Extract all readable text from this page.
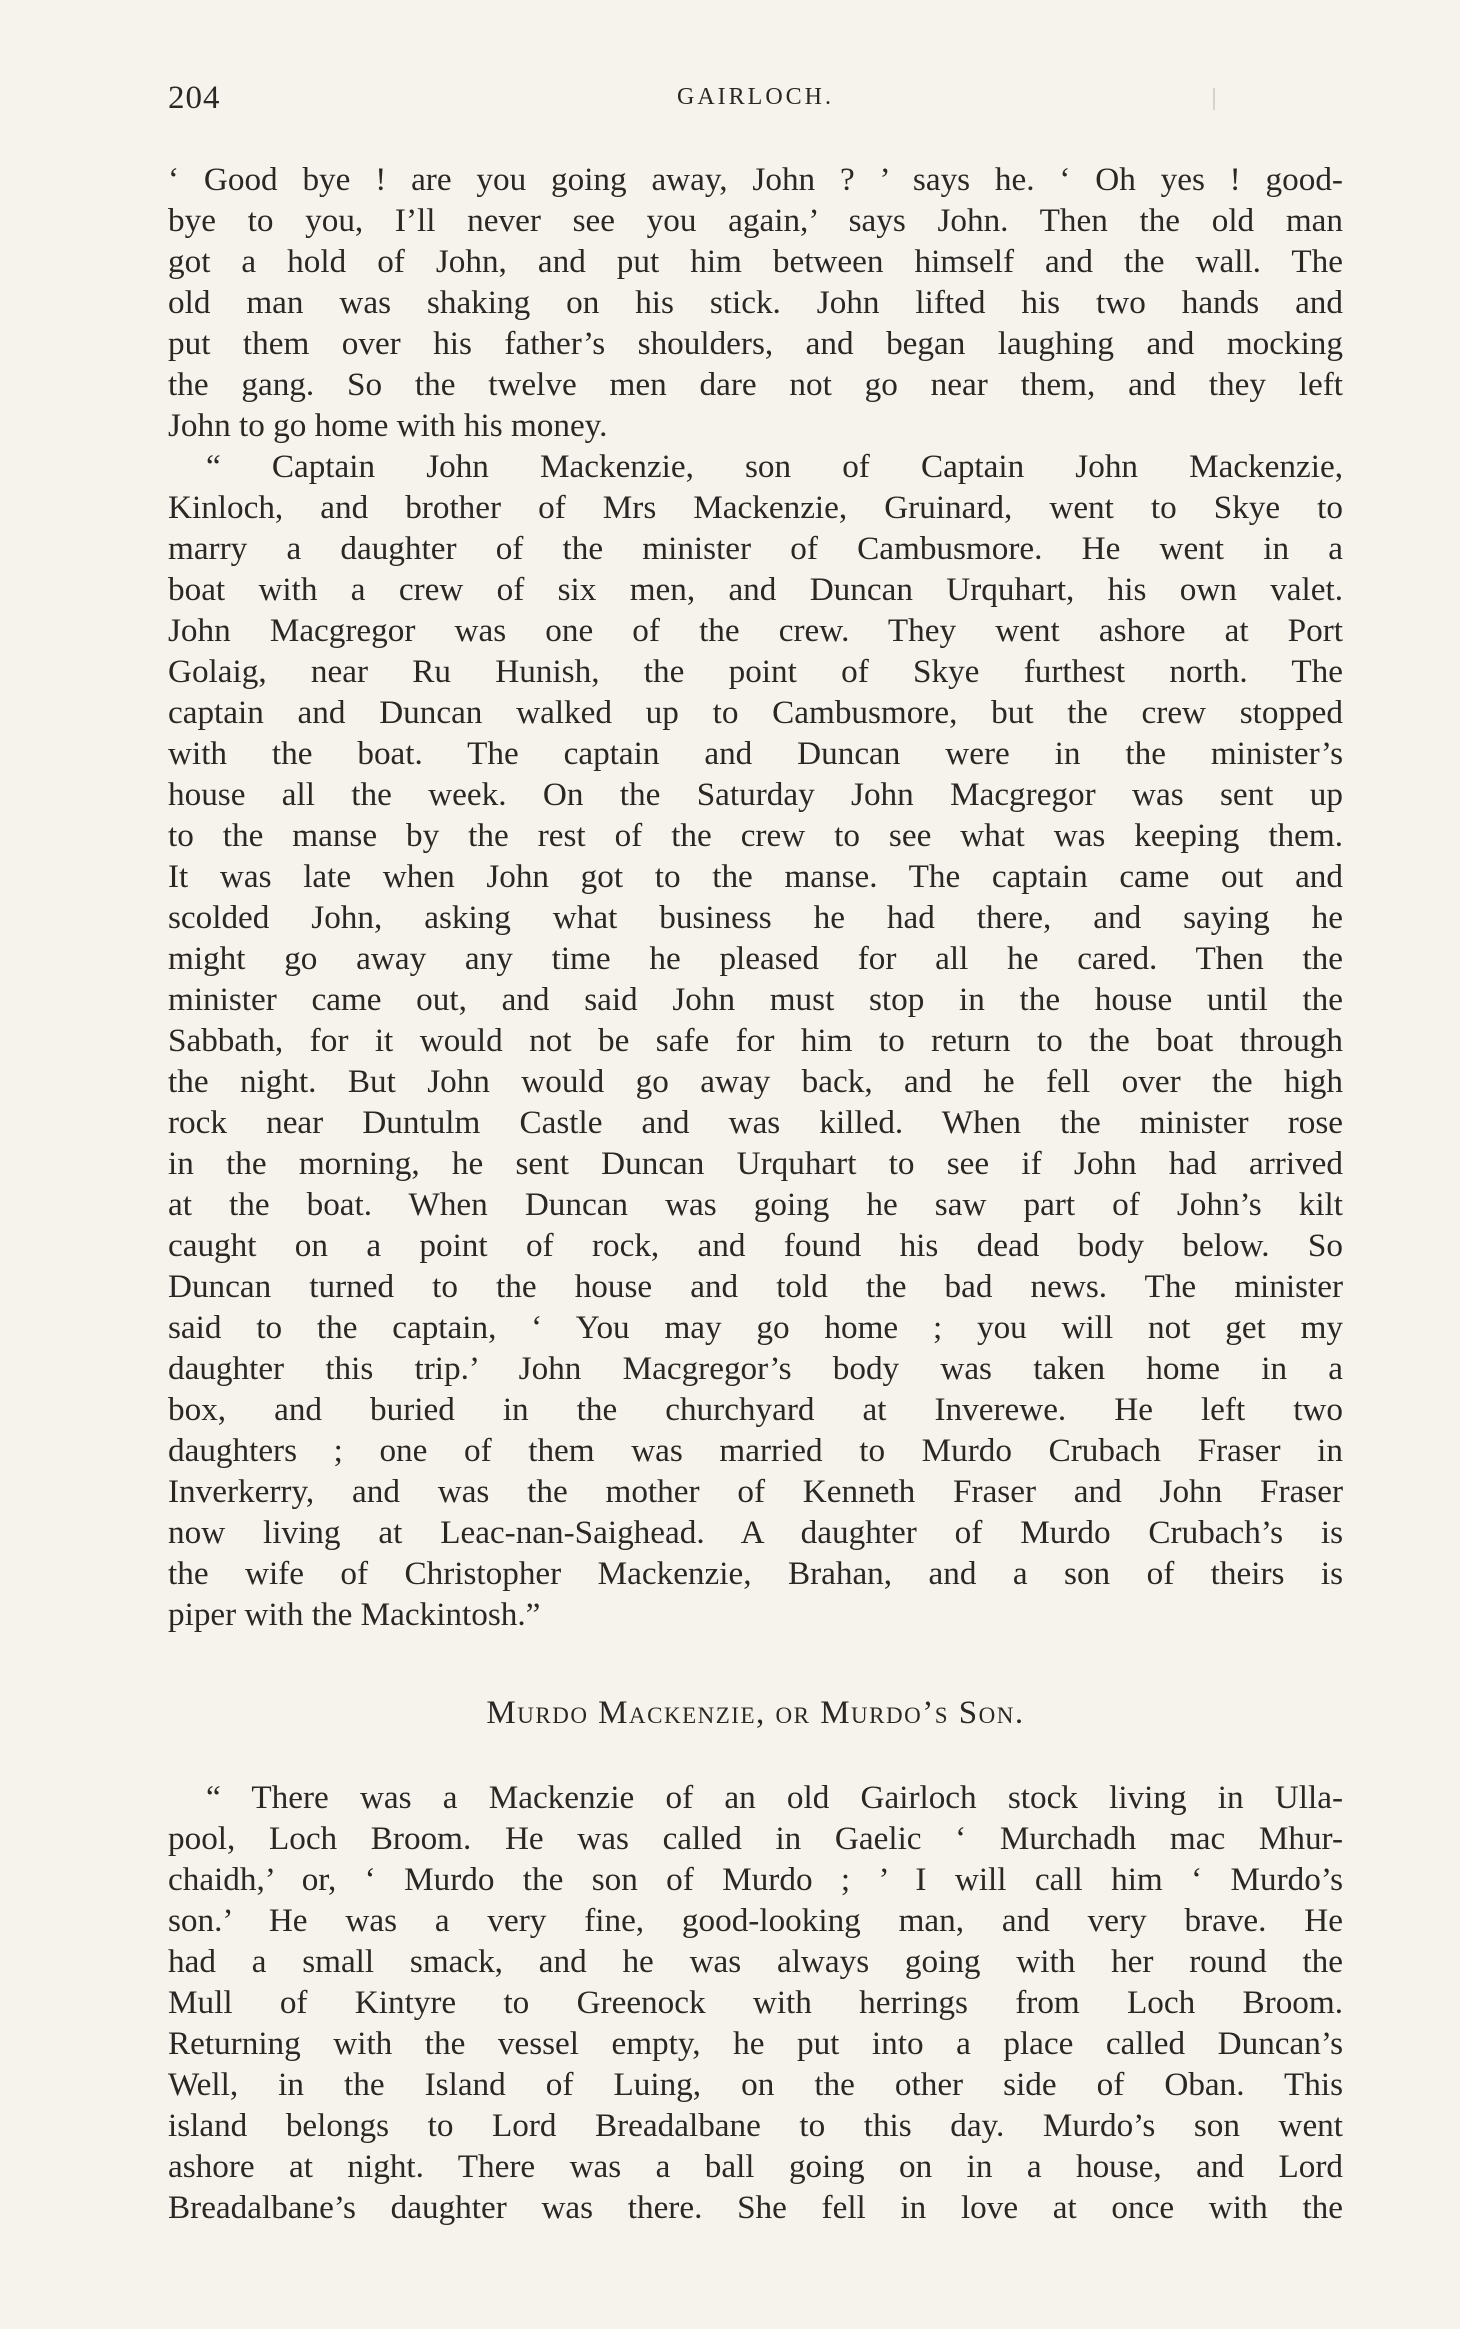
204	GAIRLOCH.

‘ Good bye ! are you going away, John ? ’ says he. ‘ Oh yes ! good-

bye to you, I’ll never see you again,’ says John. Then the old man

got a hold of John, and put him between himself and the wall. The

old man was shaking on his stick. John lifted his two hands and

put them over his father’s shoulders, and began laughing and mocking

the gang. So the twelve men dare not go near them, and they left

John to go home with his money.

“ Captain John Mackenzie, son of Captain John Mackenzie,

Kinloch, and brother of Mrs Mackenzie, Gruinard, went to Skye to

marry a daughter of the minister of Cambusmore. He went in a

boat with a crew of six men, and Duncan Urquhart, his own valet.

John Macgregor was one of the crew. They went ashore at Port

Golaig, near Ru Hunish, the point of Skye furthest north. The

captain and Duncan walked up to Cambusmore, but the crew stopped

with the boat. The captain and Duncan were in the minister’s

house all the week. On the Saturday John Macgregor was sent up

to the manse by the rest of the crew to see what was keeping them.

It was late when John got to the manse. The captain came out and

scolded John, asking what business he had there, and saying he

might go away any time he pleased for all he cared. Then the

minister came out, and said John must stop in the house until the

Sabbath, for it would not be safe for him to return to the boat through

the night. But John would go away back, and he fell over the high

rock near Duntulm Castle and was killed. When the minister rose

in the morning, he sent Duncan Urquhart to see if John had arrived

at the boat. When Duncan was going he saw part of John’s kilt

caught on a point of rock, and found his dead body below. So

Duncan turned to the house and told the bad news. The minister

said to the captain, ‘ You may go home ; you will not get my

daughter this trip.’ John Macgregor’s body was taken home in a

box, and buried in the churchyard at Inverewe. He left two

daughters ; one of them was married to Murdo Crubach Fraser in

Inverkerry, and was the mother of Kenneth Fraser and John Fraser

now living at Leac-nan-Saighead. A daughter of Murdo Crubach’s is

the wife of Christopher Mackenzie, Brahan, and a son of theirs is

piper with the Mackintosh.”

Murdo Mackenzie, or Murdo’s Son.

“ There was a Mackenzie of an old Gairloch stock living in Ulla-

pool, Loch Broom. He was called in Gaelic ‘ Murchadh mac Mhur-

chaidh,’ or, ‘ Murdo the son of Murdo ; ’ I will call him ‘ Murdo’s

son.’ He was a very fine, good-looking man, and very brave. He

had a small smack, and he was always going with her round the

Mull of Kintyre to Greenock with herrings from Loch Broom.

Returning with the vessel empty, he put into a place called Duncan’s

Well, in the Island of Luing, on the other side of Oban. This

island belongs to Lord Breadalbane to this day. Murdo’s son went

ashore at night. There was a ball going on in a house, and Lord

Breadalbane’s daughter was there. She fell in love at once with the
